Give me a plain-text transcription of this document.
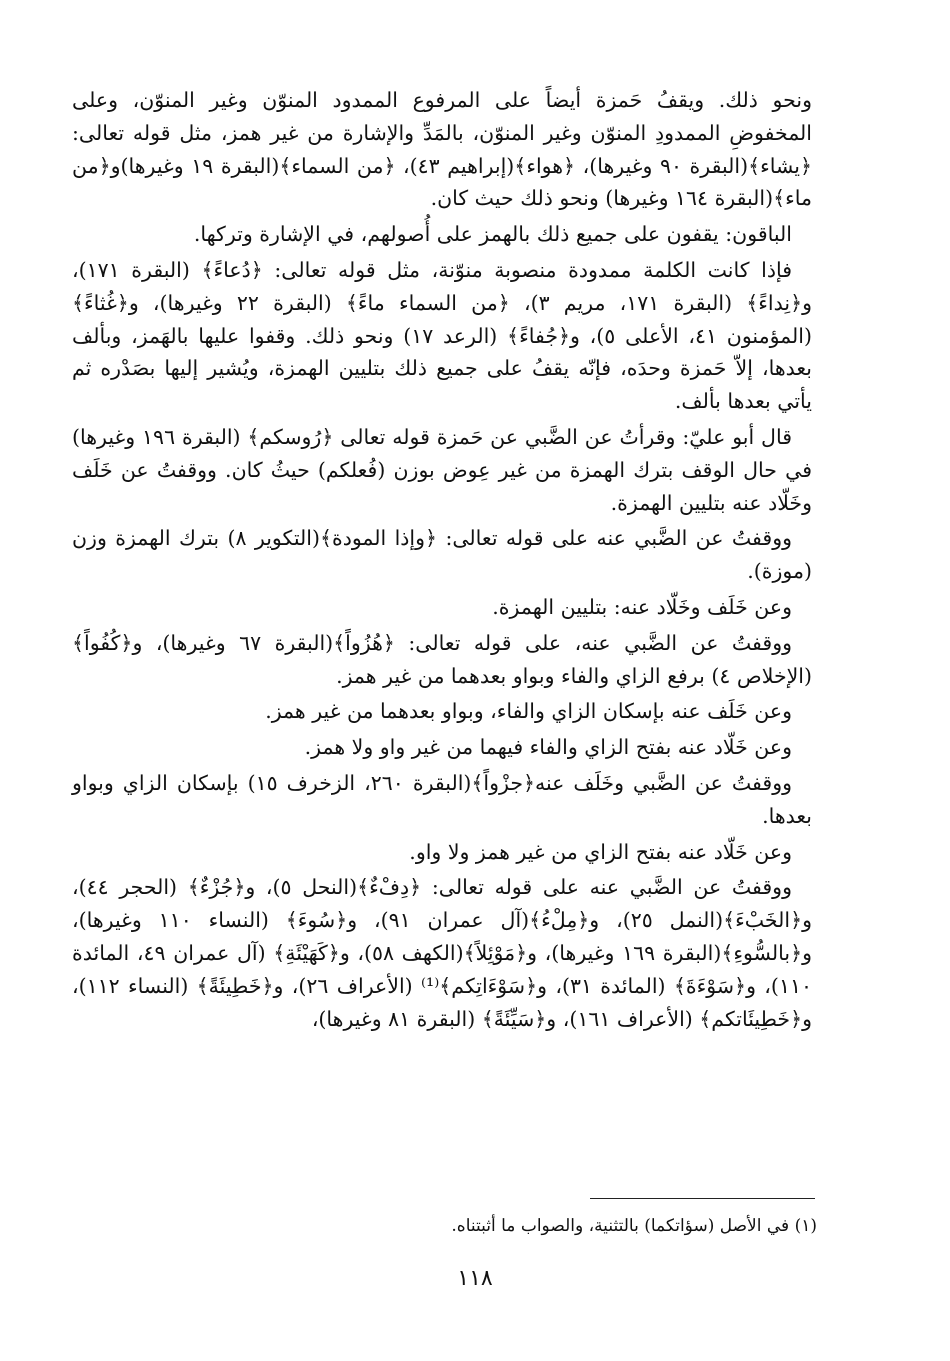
ونحو ذلك. ويقفُ حَمزة أيضاً على المرفوع الممدود المنوّن وغير المنوّن، وعلى المخفوضِ الممدودِ المنوّن وغير المنوّن، بالمَدِّ والإشارة من غير همز، مثل قوله تعالى: ﴿يشاء﴾(البقرة ٩٠ وغيرها)، ﴿هواء﴾(إبراهيم ٤٣)، ﴿من السماء﴾(البقرة ١٩ وغيرها)و﴿من ماء﴾(البقرة ١٦٤ وغيرها) ونحو ذلك حيث كان.

الباقون: يقفون على جميع ذلك بالهمز على أُصولهم، في الإشارة وتركها.

فإذا كانت الكلمة ممدودة منصوبة منوّنة، مثل قوله تعالى: ﴿دُعاءً﴾ (البقرة ١٧١)، و﴿نِداءً﴾ (البقرة ١٧١، مريم ٣)، ﴿من السماء ماءً﴾ (البقرة ٢٢ وغيرها)، و﴿غُثاءً﴾ (المؤمنون ٤١، الأعلى ٥)، و﴿جُفاءً﴾ (الرعد ١٧) ونحو ذلك. وقفوا عليها بالهَمز، وبألف بعدها، إلاّ حَمزة وحدَه، فإنّه يقفُ على جميع ذلك بتليين الهمزة، ويُشير إليها بصَدْره ثم يأتي بعدها بألف.

قال أبو عليّ: وقرأتُ عن الضَّبي عن حَمزة قوله تعالى ﴿رُوسكم﴾ (البقرة ١٩٦ وغيرها) في حال الوقف بترك الهمزة من غير عِوض بوزن (فُعلكم) حيثُ كان. ووقفتُ عن خَلَف وخَلّاد عنه بتليين الهمزة.

ووقفتُ عن الضَّبي عنه على قوله تعالى: ﴿وإذا المودة﴾(التكوير ٨) بترك الهمزة وزن (موزة).

وعن خَلَف وخَلّاد عنه: بتليين الهمزة.

ووقفتُ عن الضَّبي عنه، على قوله تعالى: ﴿هُزُواً﴾(البقرة ٦٧ وغيرها)، و﴿كُفُواً﴾ (الإخلاص ٤) برفع الزاي والفاء وبواو بعدهما من غير همز.

وعن خَلَف عنه بإسكان الزاي والفاء، وبواو بعدهما من غير همز.

وعن خَلّاد عنه بفتح الزاي والفاء فيهما من غير واو ولا همز.

ووقفتُ عن الضَّبي وخَلَف عنه﴿جزْواً﴾(البقرة ٢٦٠، الزخرف ١٥) بإسكان الزاي وبواو بعدها.

وعن خَلّاد عنه بفتح الزاي من غير همز ولا واو.

ووقفتُ عن الضَّبي عنه على قوله تعالى: ﴿دِفْءٌ﴾(النحل ٥)، و﴿جُزْءٌ﴾ (الحجر ٤٤)، و﴿الخَبْءَ﴾(النمل ٢٥)، و﴿مِلْءُ﴾(آل عمران ٩١)، و﴿سُوءَ﴾ (النساء ١١٠ وغيرها)، و﴿بالسُّوءِ﴾(البقرة ١٦٩ وغيرها)، و﴿مَوْئِلاً﴾(الكهف ٥٨)، و﴿كَهَيْئَةِ﴾ (آل عمران ٤٩، المائدة ١١٠)، و﴿سَوْءَةَ﴾ (المائدة ٣١)، و﴿سَوْءَاتِكم﴾⁽¹⁾ (الأعراف ٢٦)، و﴿خَطِيئَةً﴾ (النساء ١١٢)، و﴿خَطِيئَاتكم﴾ (الأعراف ١٦١)، و﴿سَيِّئَةً﴾ (البقرة ٨١ وغيرها)،

(١) في الأصل (سؤاتكما) بالتثنية، والصواب ما أثبتناه.
١١٨
